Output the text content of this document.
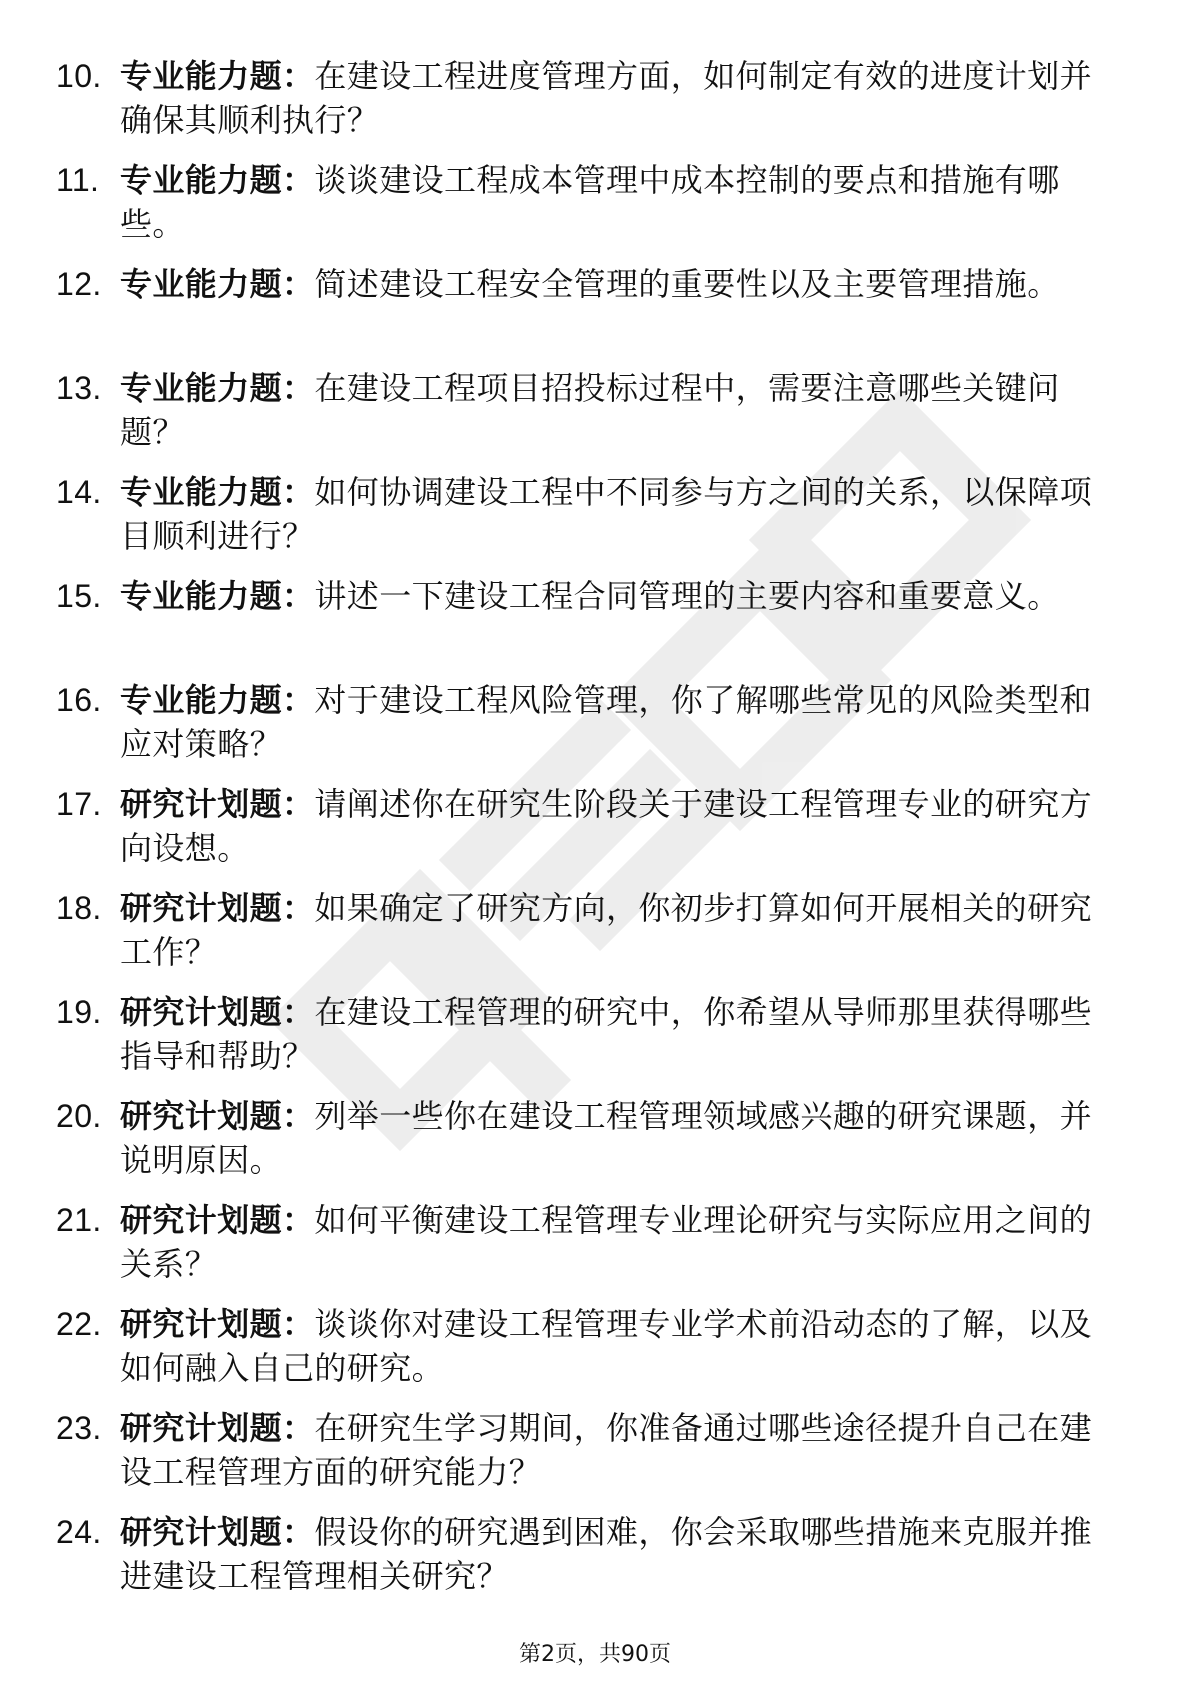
10. 专业能力题：在建设工程进度管理方面，如何制定有效的进度计划并确保其顺利执行？
11. 专业能力题：谈谈建设工程成本管理中成本控制的要点和措施有哪些。
12. 专业能力题：简述建设工程安全管理的重要性以及主要管理措施。
13. 专业能力题：在建设工程项目招投标过程中，需要注意哪些关键问题？
14. 专业能力题：如何协调建设工程中不同参与方之间的关系，以保障项目顺利进行？
15. 专业能力题：讲述一下建设工程合同管理的主要内容和重要意义。
16. 专业能力题：对于建设工程风险管理，你了解哪些常见的风险类型和应对策略？
17. 研究计划题：请阐述你在研究生阶段关于建设工程管理专业的研究方向设想。
18. 研究计划题：如果确定了研究方向，你初步打算如何开展相关的研究工作？
19. 研究计划题：在建设工程管理的研究中，你希望从导师那里获得哪些指导和帮助？
20. 研究计划题：列举一些你在建设工程管理领域感兴趣的研究课题，并说明原因。
21. 研究计划题：如何平衡建设工程管理专业理论研究与实际应用之间的关系？
22. 研究计划题：谈谈你对建设工程管理专业学术前沿动态的了解，以及如何融入自己的研究。
23. 研究计划题：在研究生学习期间，你准备通过哪些途径提升自己在建设工程管理方面的研究能力？
24. 研究计划题：假设你的研究遇到困难，你会采取哪些措施来克服并推进建设工程管理相关研究？
第2页，共90页
